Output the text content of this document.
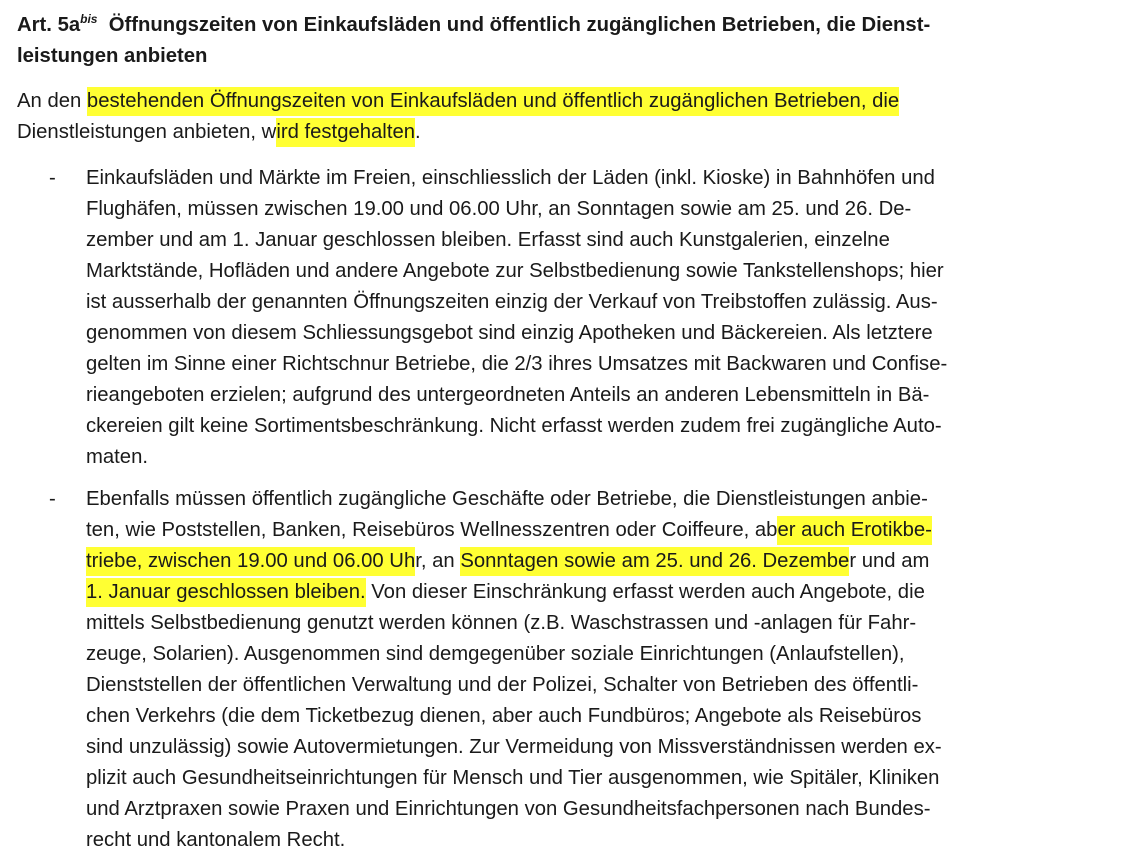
Art. $5a^{bis}$ Öffnungszeiten von Einkaufsläden und öffentlich zugänglichen Betrieben, die Dienst-
leistungen anbieten

An den bestehenden Öffnungszeiten von Einkaufsläden und öffentlich zugänglichen Betrieben, die
Dienstleistungen anbieten, wird festgehalten.

- Einkaufsläden und Märkte im Freien, einschliesslich der Läden (inkl. Kioske) in Bahnhöfen und
Flughäfen, müssen zwischen 19.00 und 06.00 Uhr, an Sonntagen sowie am 25. und 26. De-
zember und am 1. Januar geschlossen bleiben. Erfasst sind auch Kunstgalerien, einzelne
Marktstände, Hofläden und andere Angebote zur Selbstbedienung sowie Tankstellenshops; hier
ist ausserhalb der genannten Öffnungszeiten einzig der Verkauf von Treibstoffen zulässig. Aus-
genommen von diesem Schliessungsgebot sind einzig Apotheken und Bäckereien. Als letztere
gelten im Sinne einer Richtschnur Betriebe, die 2/3 ihres Umsatzes mit Backwaren und Confise-
rieangeboten erzielen; aufgrund des untergeordneten Anteils an anderen Lebensmitteln in Bä-
ckereien gilt keine Sortimentsbeschränkung. Nicht erfasst werden zudem frei zugängliche Auto-
maten.
- Ebenfalls müssen öffentlich zugängliche Geschäfte oder Betriebe, die Dienstleistungen anbie-
ten, wie Poststellen, Banken, Reisebüros Wellnesszentren oder Coiffeure, aber auch Erotikbe-
triebe, zwischen 19.00 und 06.00 Uhr, an Sonntagen sowie am 25. und 26. Dezember und am
1. Januar geschlossen bleiben. Von dieser Einschränkung erfasst werden auch Angebote, die
mittels Selbstbedienung genutzt werden können (z.B. Waschstrassen und -anlagen für Fahr-
zeuge, Solarien). Ausgenommen sind demgegenüber soziale Einrichtungen (Anlaufstellen),
Dienststellen der öffentlichen Verwaltung und der Polizei, Schalter von Betrieben des öffentli-
chen Verkehrs (die dem Ticketbezug dienen, aber auch Fundbüros; Angebote als Reisebüros
sind unzulässig) sowie Autovermietungen. Zur Vermeidung von Missverständnissen werden ex-
plizit auch Gesundheitseinrichtungen für Mensch und Tier ausgenommen, wie Spitäler, Kliniken
und Arztpraxen sowie Praxen und Einrichtungen von Gesundheitsfachpersonen nach Bundes-
recht und kantonalem Recht.
